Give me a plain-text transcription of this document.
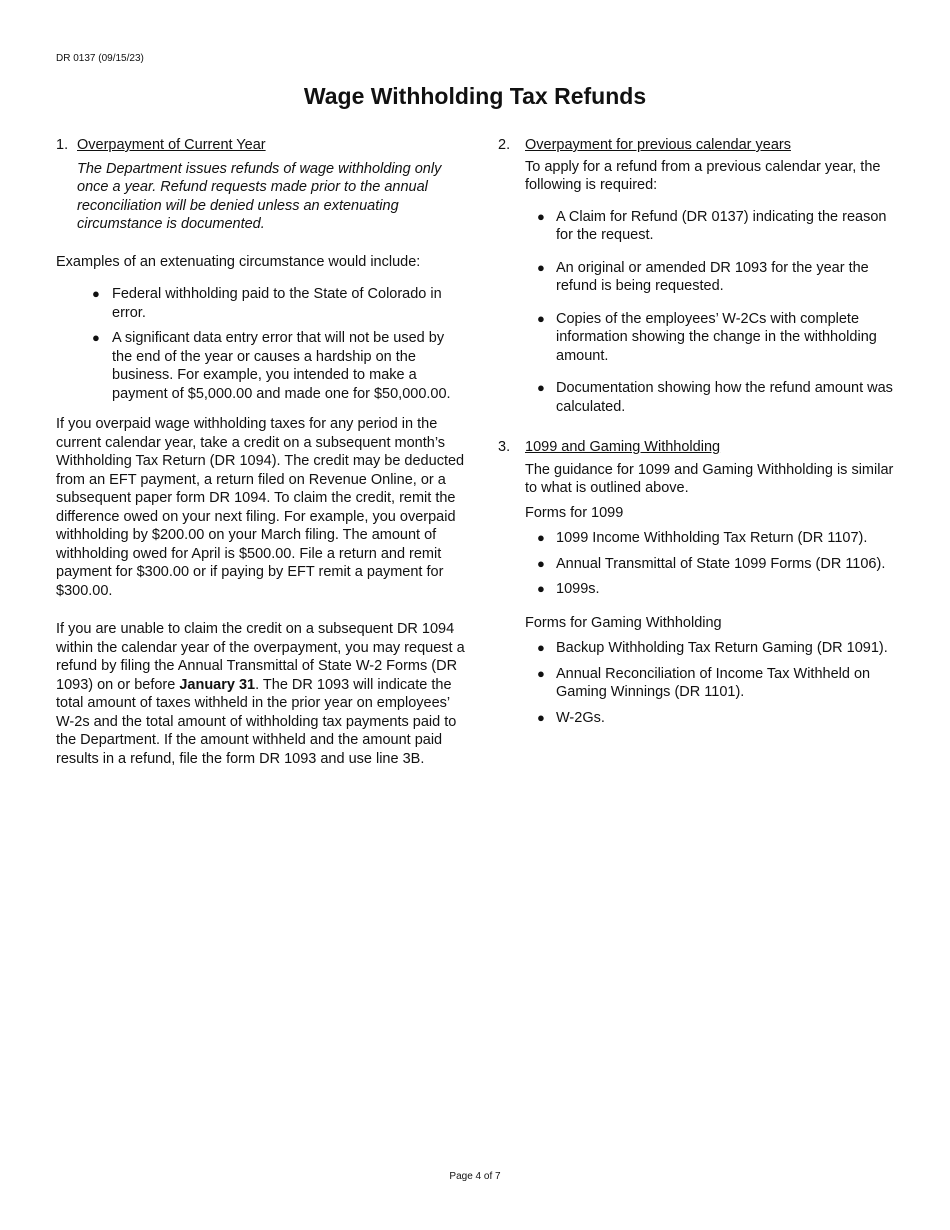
DR 0137 (09/15/23)
Wage Withholding Tax Refunds
1. Overpayment of Current Year

The Department issues refunds of wage withholding only once a year. Refund requests made prior to the annual reconciliation will be denied unless an extenuating circumstance is documented.

Examples of an extenuating circumstance would include:

● Federal withholding paid to the State of Colorado in error.
● A significant data entry error that will not be used by the end of the year or causes a hardship on the business. For example, you intended to make a payment of $5,000.00 and made one for $50,000.00.

If you overpaid wage withholding taxes for any period in the current calendar year, take a credit on a subsequent month’s Withholding Tax Return (DR 1094). The credit may be deducted from an EFT payment, a return filed on Revenue Online, or a subsequent paper form DR 1094. To claim the credit, remit the difference owed on your next filing. For example, you overpaid withholding by $200.00 on your March filing. The amount of withholding owed for April is $500.00. File a return and remit payment for $300.00 or if paying by EFT remit a payment for $300.00.

If you are unable to claim the credit on a subsequent DR 1094 within the calendar year of the overpayment, you may request a refund by filing the Annual Transmittal of State W-2 Forms (DR 1093) on or before January 31. The DR 1093 will indicate the total amount of taxes withheld in the prior year on employees’ W-2s and the total amount of withholding tax payments paid to the Department. If the amount withheld and the amount paid results in a refund, file the form DR 1093 and use line 3B.

2. Overpayment for previous calendar years

To apply for a refund from a previous calendar year, the following is required:

● A Claim for Refund (DR 0137) indicating the reason for the request.
● An original or amended DR 1093 for the year the refund is being requested.
● Copies of the employees’ W-2Cs with complete information showing the change in the withholding amount.
● Documentation showing how the refund amount was calculated.
3. 1099 and Gaming Withholding

The guidance for 1099 and Gaming Withholding is similar to what is outlined above.

Forms for 1099

● 1099 Income Withholding Tax Return (DR 1107).
● Annual Transmittal of State 1099 Forms (DR 1106).
● 1099s.

Forms for Gaming Withholding

● Backup Withholding Tax Return Gaming (DR 1091).
● Annual Reconciliation of Income Tax Withheld on Gaming Winnings (DR 1101).
● W-2Gs.
Page 4 of 7
